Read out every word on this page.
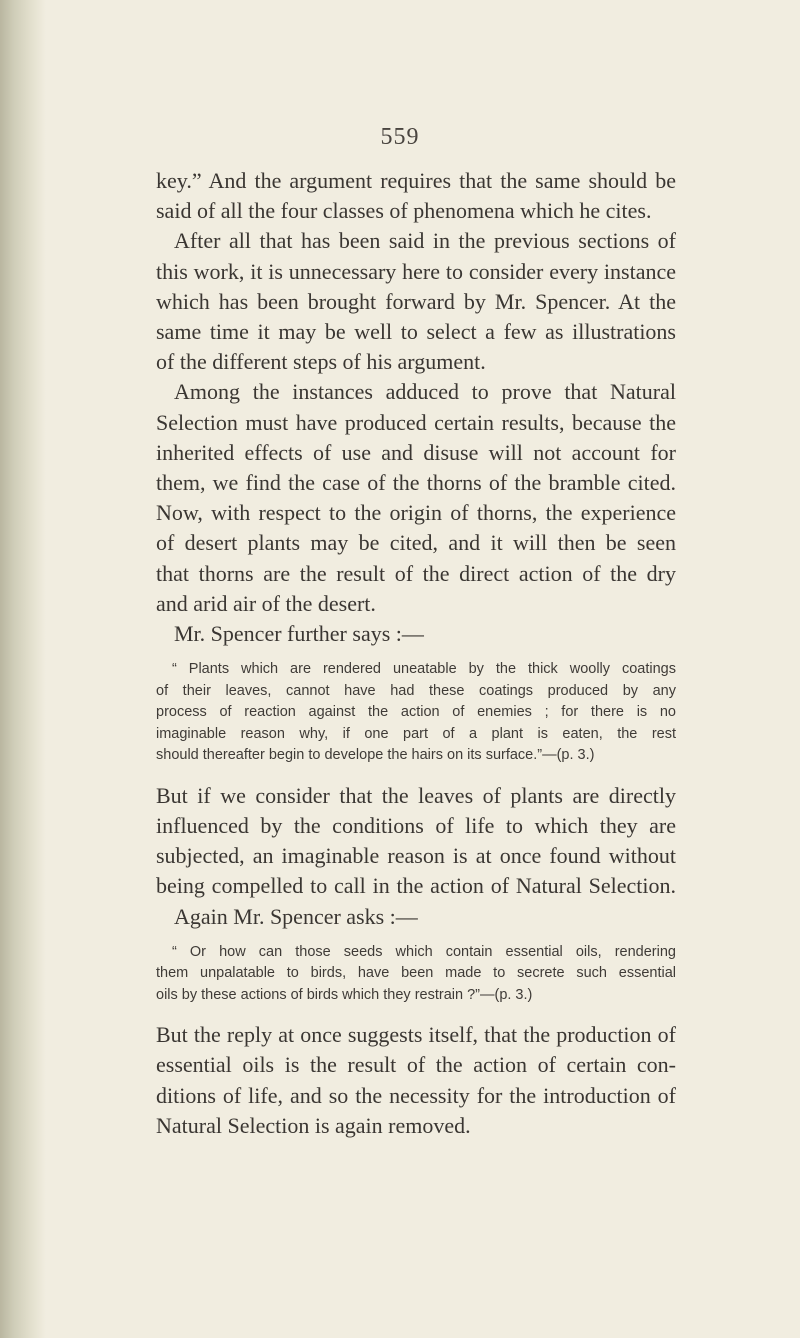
559
key.” And the argument requires that the same should be
said of all the four classes of phenomena which he cites.
After all that has been said in the previous sections of
this work, it is unnecessary here to consider every instance
which has been brought forward by Mr. Spencer. At the
same time it may be well to select a few as illustrations
of the different steps of his argument.
Among the instances adduced to prove that Natural
Selection must have produced certain results, because the
inherited effects of use and disuse will not account for
them, we find the case of the thorns of the bramble cited.
Now, with respect to the origin of thorns, the experience
of desert plants may be cited, and it will then be seen
that thorns are the result of the direct action of the dry
and arid air of the desert.
Mr. Spencer further says :—
“ Plants which are rendered uneatable by the thick woolly coatings
of their leaves, cannot have had these coatings produced by any
process of reaction against the action of enemies ; for there is no
imaginable reason why, if one part of a plant is eaten, the rest
should thereafter begin to develope the hairs on its surface.”—(p. 3.)
But if we consider that the leaves of plants are directly
influenced by the conditions of life to which they are
subjected, an imaginable reason is at once found without
being compelled to call in the action of Natural Selection.
Again Mr. Spencer asks :—
“ Or how can those seeds which contain essential oils, rendering
them unpalatable to birds, have been made to secrete such essential
oils by these actions of birds which they restrain ?”—(p. 3.)
But the reply at once suggests itself, that the production of
essential oils is the result of the action of certain con-
ditions of life, and so the necessity for the introduction of
Natural Selection is again removed.
